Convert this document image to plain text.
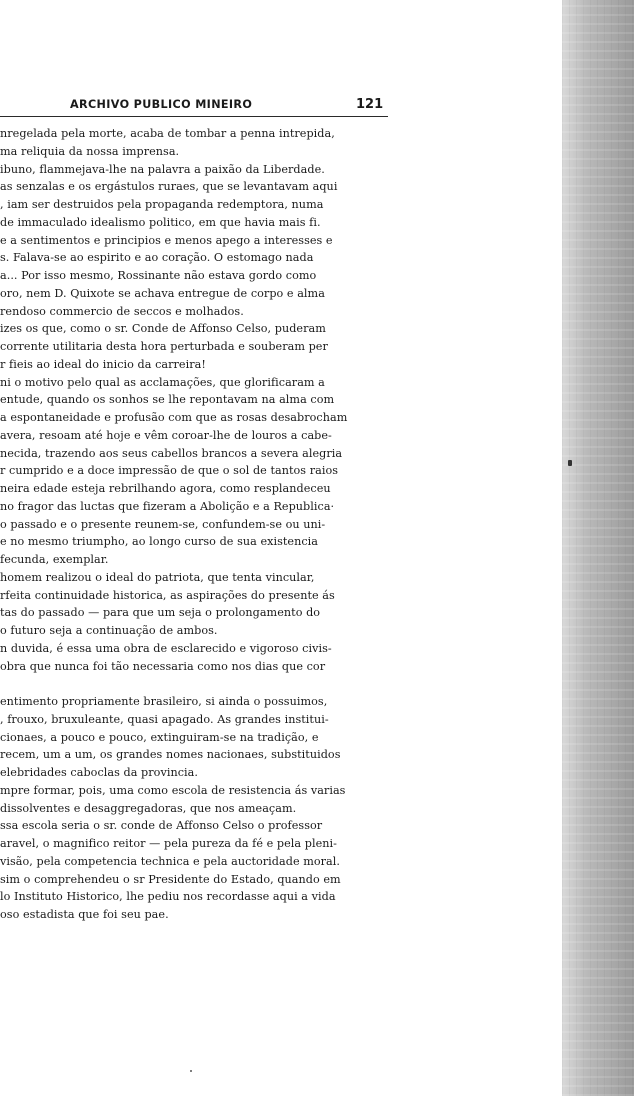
ARCHIVO PUBLICO MINEIRO	121
nregelada pela morte, acaba de tombar a penna intrepida,
ma reliquia da nossa imprensa.
ibuno, flammejava-lhe na palavra a paixão da Liberdade.
as senzalas e os ergástulos ruraes, que se levantavam aqui
, iam ser destruidos pela propaganda redemptora, numa
de immaculado idealismo politico, em que havia mais fi.
e a sentimentos e principios e menos apego a interesses e
s. Falava-se ao espirito e ao coração. O estomago nada
a... Por isso mesmo, Rossinante não estava gordo como
oro, nem D. Quixote se achava entregue de corpo e alma
rendoso commercio de seccos e molhados.
izes os que, como o sr. Conde de Affonso Celso, puderam
corrente utilitaria desta hora perturbada e souberam per
r fieis ao ideal do inicio da carreira!
ni o motivo pelo qual as acclamações, que glorificaram a
entude, quando os sonhos se lhe repontavam na alma com
a espontaneidade e profusão com que as rosas desabrocham
avera, resoam até hoje e vêm coroar-lhe de louros a cabe-
necida, trazendo aos seus cabellos brancos a severa alegria
r cumprido e a doce impressão de que o sol de tantos raios
neira edade esteja rebrilhando agora, como resplandeceu
no fragor das luctas que fizeram a Abolição e a Republica·
o passado e o presente reunem-se, confundem-se ou uni-
e no mesmo triumpho, ao longo curso de sua existencia
fecunda, exemplar.
homem realizou o ideal do patriota, que tenta vincular,
rfeita continuidade historica, as aspirações do presente ás
tas do passado — para que um seja o prolongamento do
o futuro seja a continuação de ambos.
n duvida, é essa uma obra de esclarecido e vigoroso civis-
obra que nunca foi tão necessaria como nos dias que cor
entimento propriamente brasileiro, si ainda o possuimos,
, frouxo, bruxuleante, quasi apagado. As grandes institui-
cionaes, a pouco e pouco, extinguiram-se na tradição, e
recem, um a um, os grandes nomes nacionaes, substituidos
elebridades caboclas da provincia.
mpre formar, pois, uma como escola de resistencia ás varias
dissolventes e desaggregadoras, que nos ameaçam.
ssa escola seria o sr. conde de Affonso Celso o professor
aravel, o magnifico reitor — pela pureza da fé e pela pleni-
visão, pela competencia technica e pela auctoridade moral.
sim o comprehendeu o sr Presidente do Estado, quando em
lo Instituto Historico, lhe pediu nos recordasse aqui a vida
oso estadista que foi seu pae.
